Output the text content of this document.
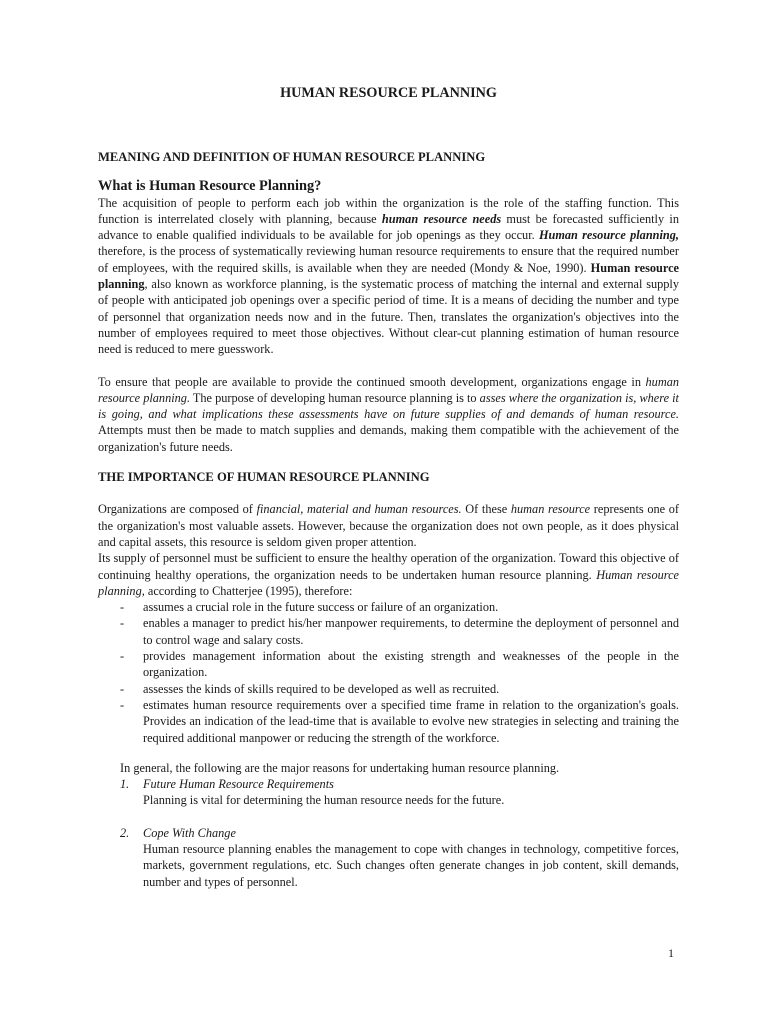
HUMAN RESOURCE PLANNING
MEANING AND DEFINITION OF HUMAN RESOURCE PLANNING
What is Human Resource Planning?

The acquisition of people to perform each job within the organization is the role of the staffing function. This function is interrelated closely with planning, because human resource needs must be forecasted sufficiently in advance to enable qualified individuals to be available for job openings as they occur. Human resource planning, therefore, is the process of systematically reviewing human resource requirements to ensure that the required number of employees, with the required skills, is available when they are needed (Mondy & Noe, 1990). Human resource planning, also known as workforce planning, is the systematic process of matching the internal and external supply of people with anticipated job openings over a specific period of time. It is a means of deciding the number and type of personnel that organization needs now and in the future. Then, translates the organization's objectives into the number of employees required to meet those objectives. Without clear-cut planning estimation of human resource need is reduced to mere guesswork.

To ensure that people are available to provide the continued smooth development, organizations engage in human resource planning. The purpose of developing human resource planning is to asses where the organization is, where it is going, and what implications these assessments have on future supplies of and demands of human resource. Attempts must then be made to match supplies and demands, making them compatible with the achievement of the organization's future needs.

THE IMPORTANCE OF HUMAN RESOURCE PLANNING

Organizations are composed of financial, material and human resources. Of these human resource represents one of the organization's most valuable assets. However, because the organization does not own people, as it does physical and capital assets, this resource is seldom given proper attention.

Its supply of personnel must be sufficient to ensure the healthy operation of the organization. Toward this objective of continuing healthy operations, the organization needs to be undertaken human resource planning. Human resource planning, according to Chatterjee (1995), therefore:

- assumes a crucial role in the future success or failure of an organization.
- enables a manager to predict his/her manpower requirements, to determine the deployment of personnel and to control wage and salary costs.
- provides management information about the existing strength and weaknesses of the people in the organization.
- assesses the kinds of skills required to be developed as well as recruited.
- estimates human resource requirements over a specified time frame in relation to the organization's goals. Provides an indication of the lead-time that is available to evolve new strategies in selecting and training the required additional manpower or reducing the strength of the workforce.

In general, the following are the major reasons for undertaking human resource planning.

1. Future Human Resource Requirements
Planning is vital for determining the human resource needs for the future.
2. Cope With Change
Human resource planning enables the management to cope with changes in technology, competitive forces, markets, government regulations, etc. Such changes often generate changes in job content, skill demands, number and types of personnel.
1
